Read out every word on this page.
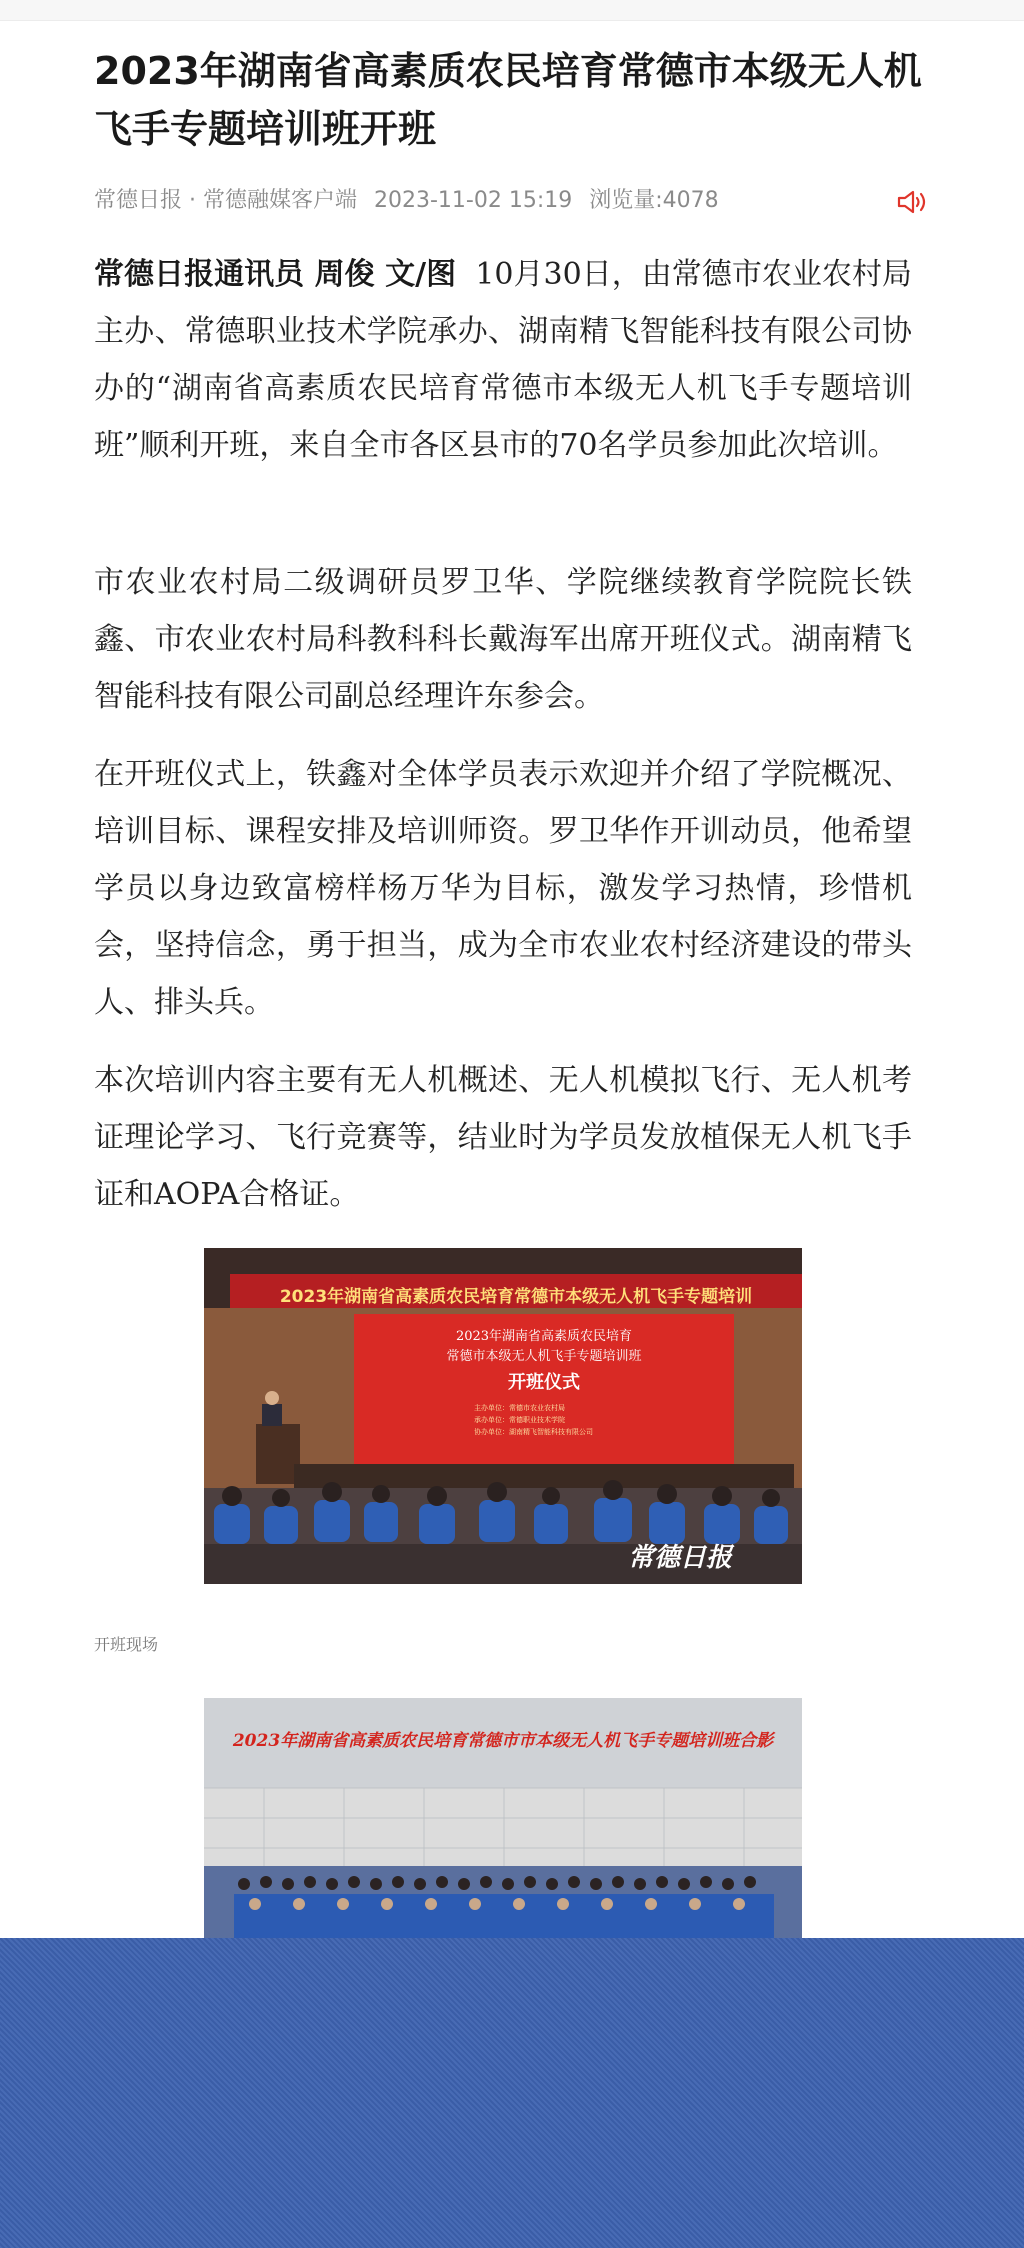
2023年湖南省高素质农民培育常德市本级无人机飞手专题培训班开班
常德日报 · 常德融媒客户端 2023-11-02 15:19 浏览量:4078

常德日报通讯员 周俊 文/图 10月30日，由常德市农业农村局主办、常德职业技术学院承办、湖南精飞智能科技有限公司协办的“湖南省高素质农民培育常德市本级无人机飞手专题培训班”顺利开班，来自全市各区县市的70名学员参加此次培训。

市农业农村局二级调研员罗卫华、学院继续教育学院院长铁鑫、市农业农村局科教科科长戴海军出席开班仪式。湖南精飞智能科技有限公司副总经理许东参会。

在开班仪式上，铁鑫对全体学员表示欢迎并介绍了学院概况、培训目标、课程安排及培训师资。罗卫华作开训动员，他希望学员以身边致富榜样杨万华为目标，激发学习热情，珍惜机会，坚持信念，勇于担当，成为全市农业农村经济建设的带头人、排头兵。

本次培训内容主要有无人机概述、无人机模拟飞行、无人机考证理论学习、飞行竞赛等，结业时为学员发放植保无人机飞手证和AOPA合格证。

2023年湖南省高素质农民培育常德市本级无人机飞手专题培训
2023年湖南省高素质农民培育
常德市本级无人机飞手专题培训班
开班仪式
主办单位：常德市农业农村局
承办单位：常德职业技术学院
协办单位：湖南精飞智能科技有限公司
常德日报
开班现场
2023年湖南省高素质农民培育常德市市本级无人机飞手专题培训班合影
